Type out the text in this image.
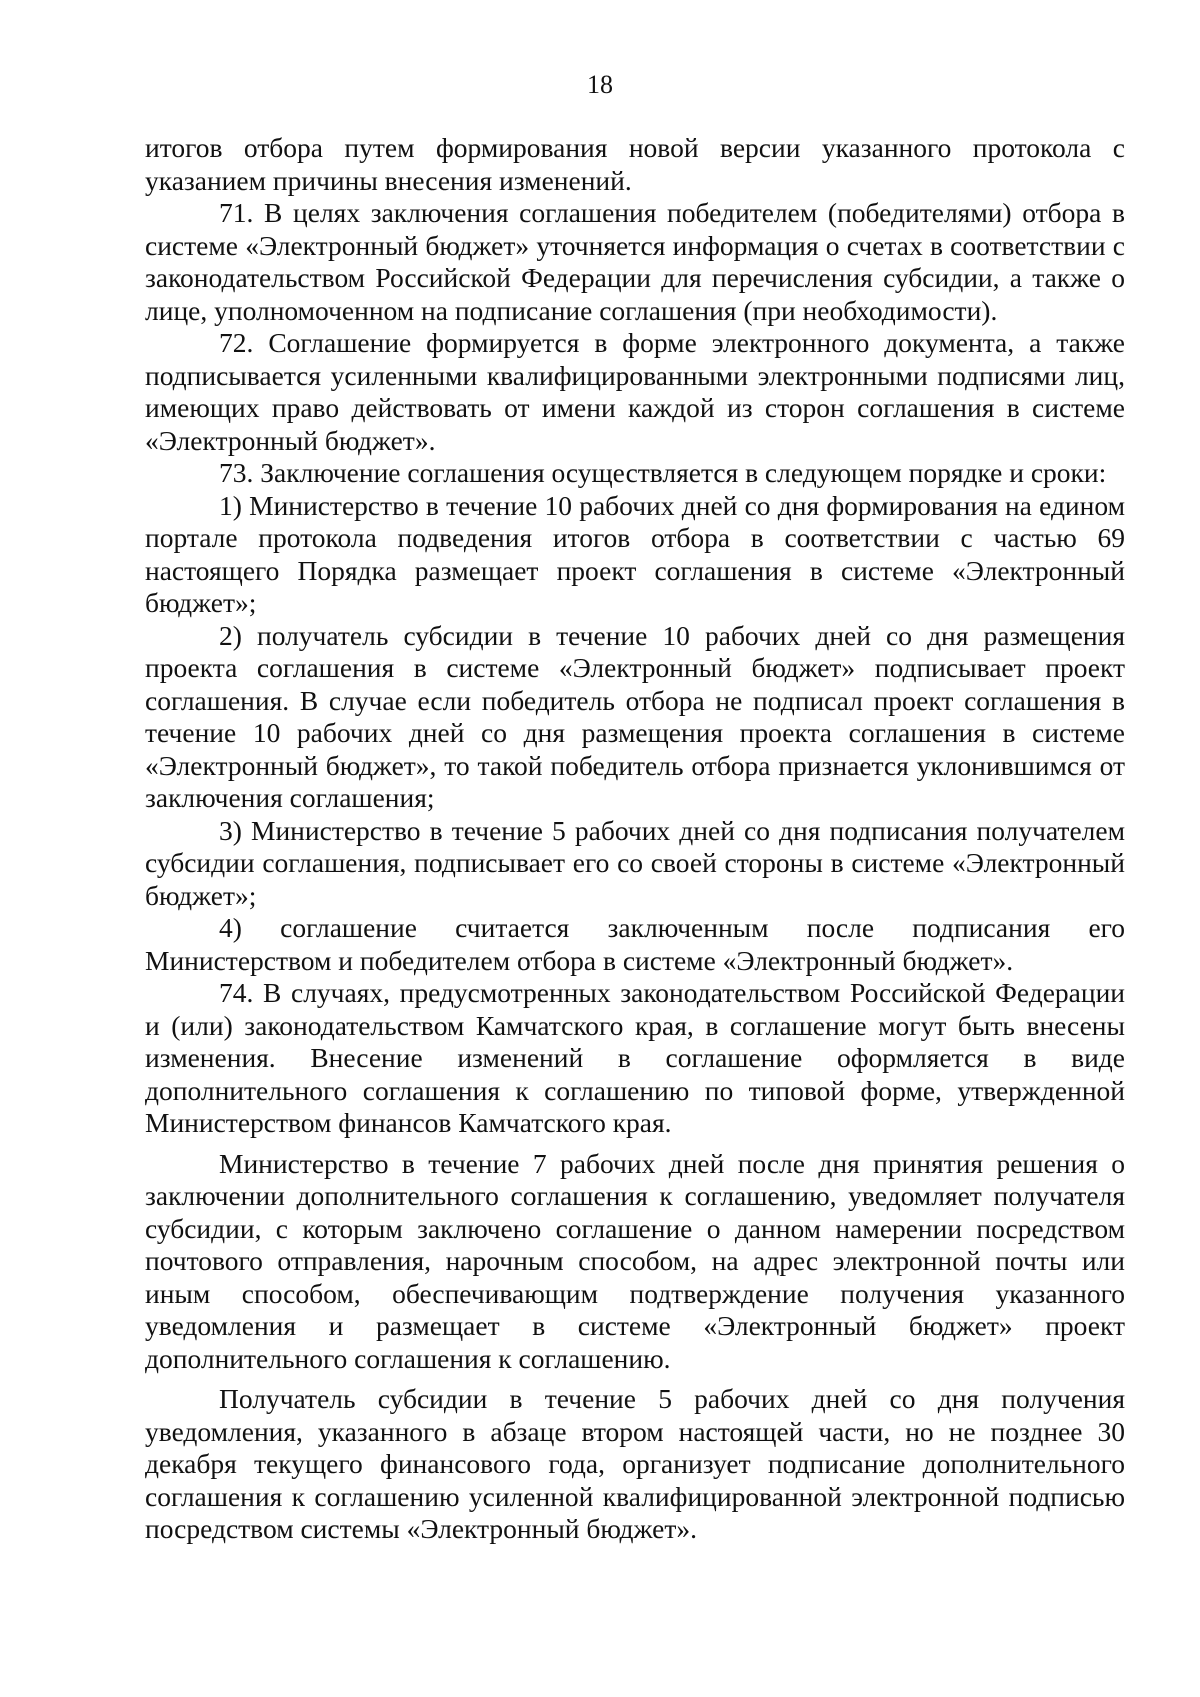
18

итогов отбора путем формирования новой версии указанного протокола с указанием причины внесения изменений.

71. В целях заключения соглашения победителем (победителями) отбора в системе «Электронный бюджет» уточняется информация о счетах в соответствии с законодательством Российской Федерации для перечисления субсидии, а также о лице, уполномоченном на подписание соглашения (при необходимости).

72. Соглашение формируется в форме электронного документа, а также подписывается усиленными квалифицированными электронными подписями лиц, имеющих право действовать от имени каждой из сторон соглашения в системе «Электронный бюджет».

73. Заключение соглашения осуществляется в следующем порядке и сроки:

1) Министерство в течение 10 рабочих дней со дня формирования на едином портале протокола подведения итогов отбора в соответствии с частью 69 настоящего Порядка размещает проект соглашения в системе «Электронный бюджет»;

2) получатель субсидии в течение 10 рабочих дней со дня размещения проекта соглашения в системе «Электронный бюджет» подписывает проект соглашения. В случае если победитель отбора не подписал проект соглашения в течение 10 рабочих дней со дня размещения проекта соглашения в системе «Электронный бюджет», то такой победитель отбора признается уклонившимся от заключения соглашения;

3) Министерство в течение 5 рабочих дней со дня подписания получателем субсидии соглашения, подписывает его со своей стороны в системе «Электронный бюджет»;

4) соглашение считается заключенным после подписания его Министерством и победителем отбора в системе «Электронный бюджет».

74. В случаях, предусмотренных законодательством Российской Федерации и (или) законодательством Камчатского края, в соглашение могут быть внесены изменения. Внесение изменений в соглашение оформляется в виде дополнительного соглашения к соглашению по типовой форме, утвержденной Министерством финансов Камчатского края.

Министерство в течение 7 рабочих дней после дня принятия решения о заключении дополнительного соглашения к соглашению, уведомляет получателя субсидии, с которым заключено соглашение о данном намерении посредством почтового отправления, нарочным способом, на адрес электронной почты или иным способом, обеспечивающим подтверждение получения указанного уведомления и размещает в системе «Электронный бюджет» проект дополнительного соглашения к соглашению.

Получатель субсидии в течение 5 рабочих дней со дня получения уведомления, указанного в абзаце втором настоящей части, но не позднее 30 декабря текущего финансового года, организует подписание дополнительного соглашения к соглашению усиленной квалифицированной электронной подписью посредством системы «Электронный бюджет».
